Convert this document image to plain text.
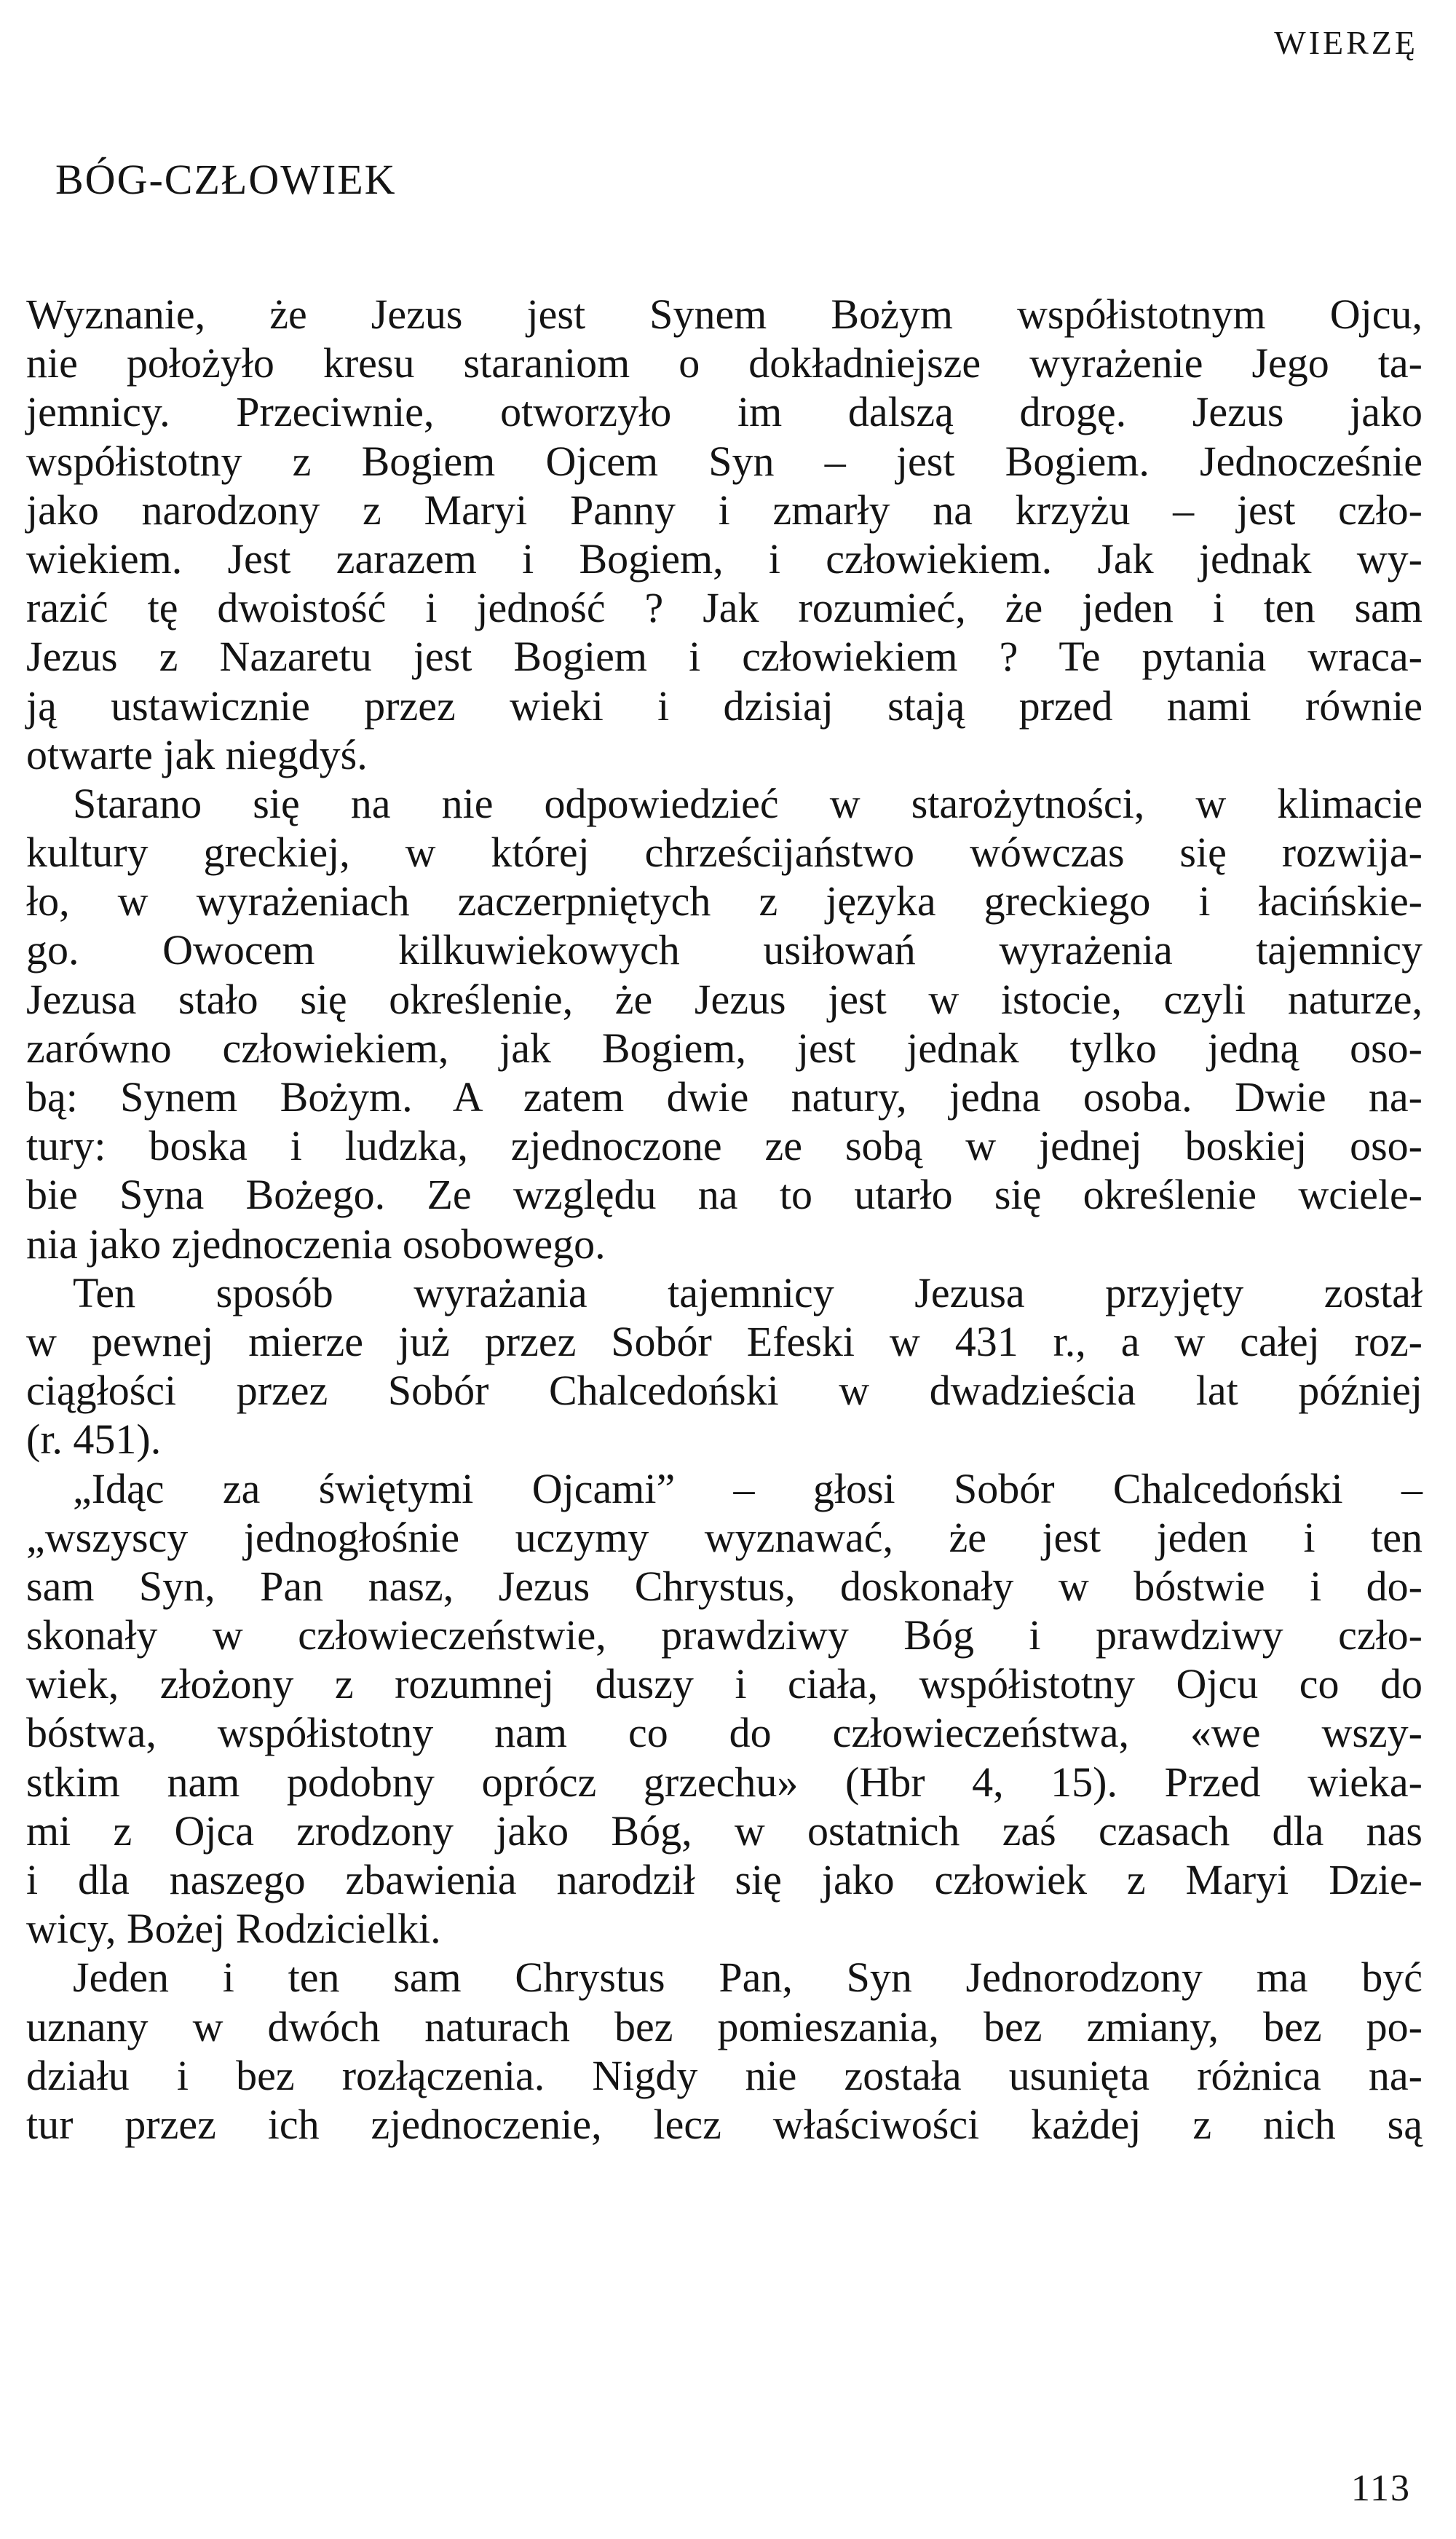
WIERZĘ
BÓG-CZŁOWIEK
Wyznanie, że Jezus jest Synem Bożym współistotnym Ojcu,
nie położyło kresu staraniom o dokładniejsze wyrażenie Jego ta-
jemnicy. Przeciwnie, otworzyło im dalszą drogę. Jezus jako
współistotny z Bogiem Ojcem Syn – jest Bogiem. Jednocześnie
jako narodzony z Maryi Panny i zmarły na krzyżu – jest czło-
wiekiem. Jest zarazem i Bogiem, i człowiekiem. Jak jednak wy-
razić tę dwoistość i jedność ? Jak rozumieć, że jeden i ten sam
Jezus z Nazaretu jest Bogiem i człowiekiem ? Te pytania wraca-
ją ustawicznie przez wieki i dzisiaj stają przed nami równie
otwarte jak niegdyś.
Starano się na nie odpowiedzieć w starożytności, w klimacie
kultury greckiej, w której chrześcijaństwo wówczas się rozwija-
ło, w wyrażeniach zaczerpniętych z języka greckiego i łacińskie-
go. Owocem kilkuwiekowych usiłowań wyrażenia tajemnicy
Jezusa stało się określenie, że Jezus jest w istocie, czyli naturze,
zarówno człowiekiem, jak Bogiem, jest jednak tylko jedną oso-
bą: Synem Bożym. A zatem dwie natury, jedna osoba. Dwie na-
tury: boska i ludzka, zjednoczone ze sobą w jednej boskiej oso-
bie Syna Bożego. Ze względu na to utarło się określenie wciele-
nia jako zjednoczenia osobowego.
Ten sposób wyrażania tajemnicy Jezusa przyjęty został
w pewnej mierze już przez Sobór Efeski w 431 r., a w całej roz-
ciągłości przez Sobór Chalcedoński w dwadzieścia lat później
(r. 451).
„Idąc za świętymi Ojcami” – głosi Sobór Chalcedoński –
„wszyscy jednogłośnie uczymy wyznawać, że jest jeden i ten
sam Syn, Pan nasz, Jezus Chrystus, doskonały w bóstwie i do-
skonały w człowieczeństwie, prawdziwy Bóg i prawdziwy czło-
wiek, złożony z rozumnej duszy i ciała, współistotny Ojcu co do
bóstwa, współistotny nam co do człowieczeństwa, «we wszy-
stkim nam podobny oprócz grzechu» (Hbr 4, 15). Przed wieka-
mi z Ojca zrodzony jako Bóg, w ostatnich zaś czasach dla nas
i dla naszego zbawienia narodził się jako człowiek z Maryi Dzie-
wicy, Bożej Rodzicielki.
Jeden i ten sam Chrystus Pan, Syn Jednorodzony ma być
uznany w dwóch naturach bez pomieszania, bez zmiany, bez po-
działu i bez rozłączenia. Nigdy nie została usunięta różnica na-
tur przez ich zjednoczenie, lecz właściwości każdej z nich są
113
